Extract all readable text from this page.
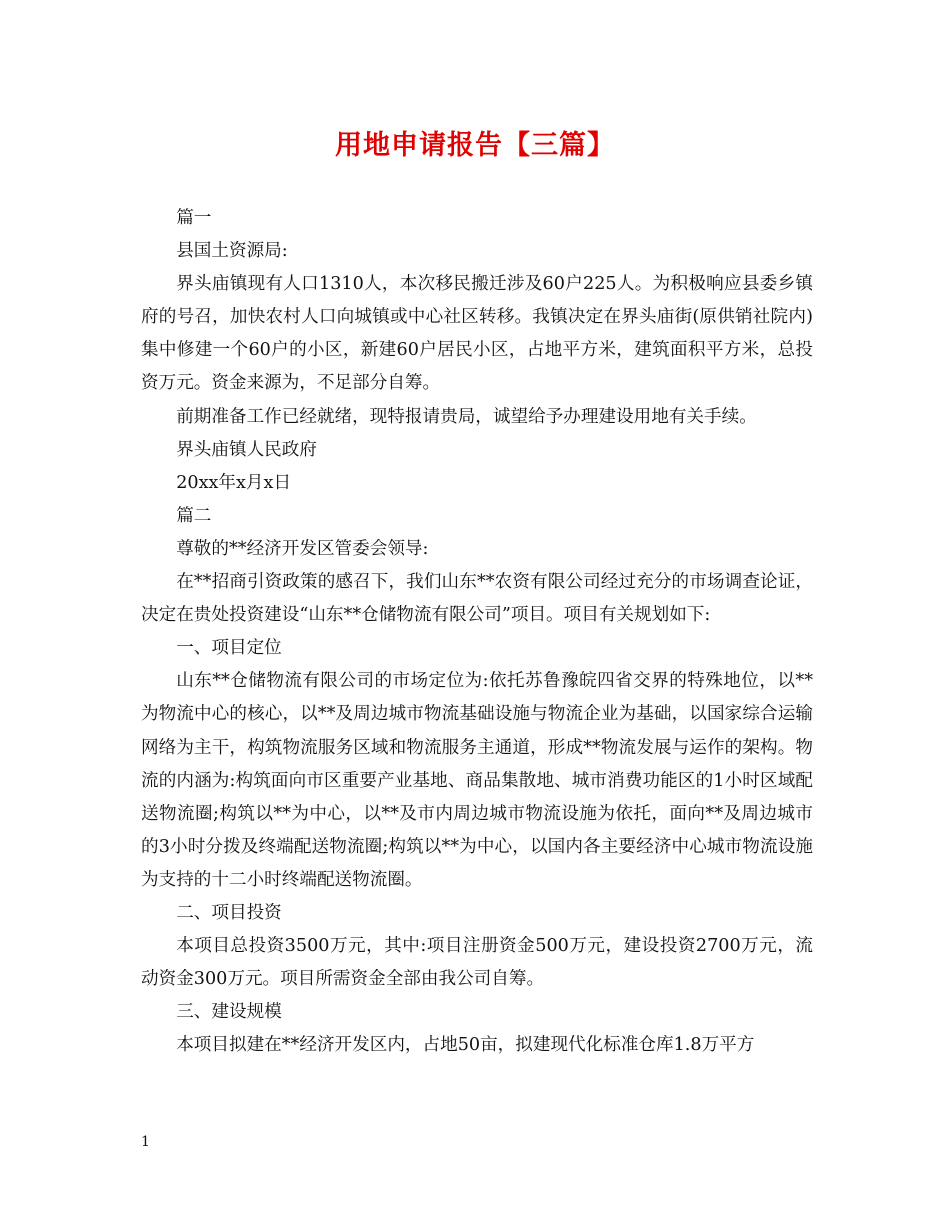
用地申请报告【三篇】

篇一

县国土资源局:

界头庙镇现有人口1310人，本次移民搬迁涉及60户225人。为积极响应县委乡镇府的号召，加快农村人口向城镇或中心社区转移。我镇决定在界头庙街(原供销社院内)集中修建一个60户的小区，新建60户居民小区，占地平方米，建筑面积平方米，总投资万元。资金来源为，不足部分自筹。

前期准备工作已经就绪，现特报请贵局，诚望给予办理建设用地有关手续。

界头庙镇人民政府

20xx年x月x日

篇二

尊敬的**经济开发区管委会领导:

在**招商引资政策的感召下，我们山东**农资有限公司经过充分的市场调查论证，决定在贵处投资建设“山东**仓储物流有限公司”项目。项目有关规划如下:

一、项目定位

山东**仓储物流有限公司的市场定位为:依托苏鲁豫皖四省交界的特殊地位，以**为物流中心的核心，以**及周边城市物流基础设施与物流企业为基础，以国家综合运输网络为主干，构筑物流服务区域和物流服务主通道，形成**物流发展与运作的架构。物流的内涵为:构筑面向市区重要产业基地、商品集散地、城市消费功能区的1小时区域配送物流圈;构筑以**为中心，以**及市内周边城市物流设施为依托，面向**及周边城市的3小时分拨及终端配送物流圈;构筑以**为中心，以国内各主要经济中心城市物流设施为支持的十二小时终端配送物流圈。

二、项目投资

本项目总投资3500万元，其中:项目注册资金500万元，建设投资2700万元，流动资金300万元。项目所需资金全部由我公司自筹。

三、建设规模

本项目拟建在**经济开发区内，占地50亩，拟建现代化标准仓库1.8万平方

1
